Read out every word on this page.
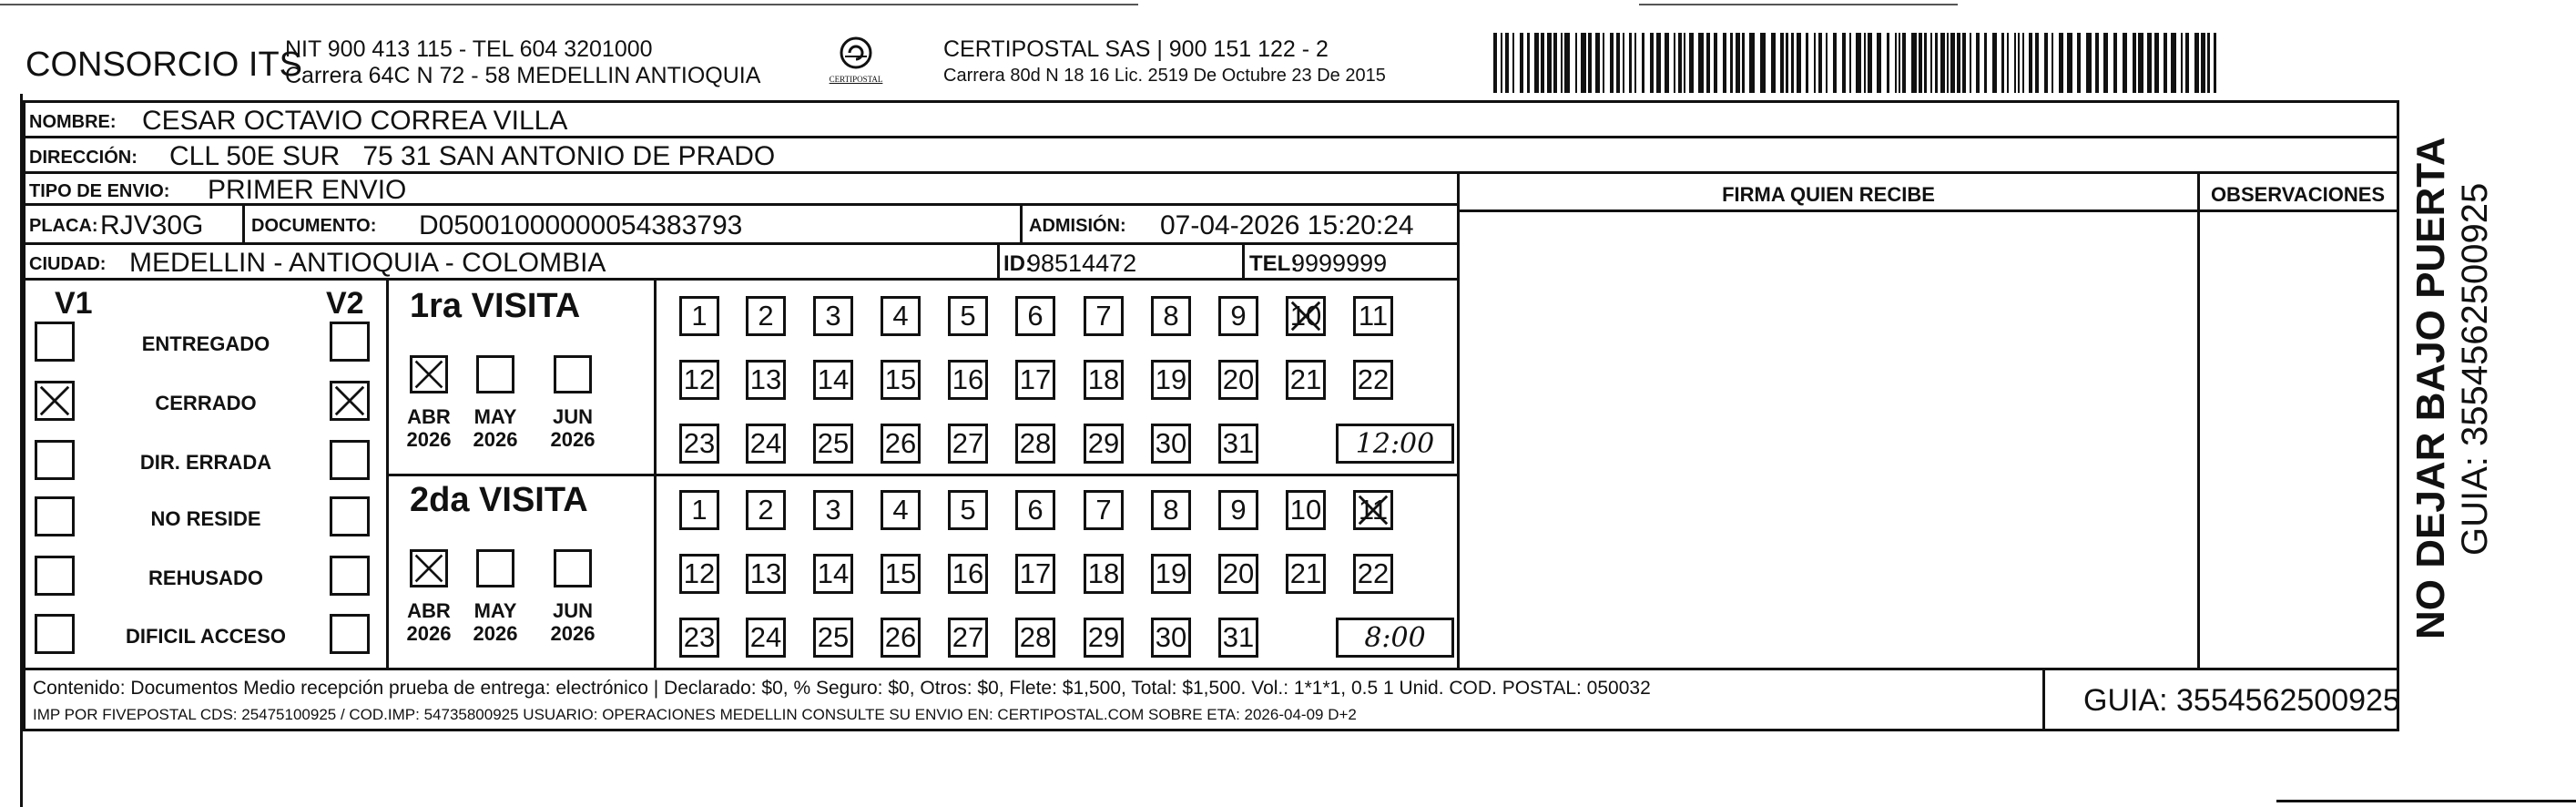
CONSORCIO ITS
NIT 900 413 115 - TEL 604 3201000
Carrera 64C N 72 - 58 MEDELLIN ANTIOQUIA	CERTIPOSTAL
CERTIPOSTAL SAS | 900 151 122 - 2
Carrera 80d N 18 16 Lic. 2519 De Octubre 23 De 2015
NOMBRE: CESAR OCTAVIO CORREA VILLA
DIRECCIÓN: CLL 50E SUR   75 31 SAN ANTONIO DE PRADO
TIPO DE ENVIO: PRIMER ENVIO
PLACA: RJV30G	DOCUMENTO: D05001000000054383793	ADMISIÓN: 07-04-2026 15:20:24
CIUDAD: MEDELLIN - ANTIOQUIA - COLOMBIA	ID:
98514472	TEL:
9999999
FIRMA QUIEN RECIBE	OBSERVACIONES
V1	V2
ENTREGADO
CERRADO
DIR. ERRADA
NO RESIDE
REHUSADO
DIFICIL ACCESO
1ra VISITA
ABR
2026
MAY
2026
JUN
2026
1	2	3	4	5	6	7	8	9	10 11
12 13 14 15 16 17 18 19 20 21 22
23 24 25 26 27 28 29 30 31	12:00
2da VISITA
ABR
2026
MAY
2026
JUN
2026
1	2	3	4	5	6	7	8	9	10 11
12 13 14 15 16 17 18 19 20 21 22
23 24 25 26 27 28 29 30 31	8:00
Contenido: Documentos Medio recepción prueba de entrega: electrónico | Declarado: $0, % Seguro: $0, Otros: $0, Flete: $1,500, Total: $1,500. Vol.: 1*1*1, 0.5 1 Unid. COD. POSTAL: 050032
IMP POR FIVEPOSTAL CDS: 25475100925 / COD.IMP: 54735800925 USUARIO: OPERACIONES MEDELLIN CONSULTE SU ENVIO EN: CERTIPOSTAL.COM SOBRE ETA: 2026-04-09 D+2	GUIA: 3554562500925
NO DEJAR BAJO PUERTA GUIA: 3554562500925
